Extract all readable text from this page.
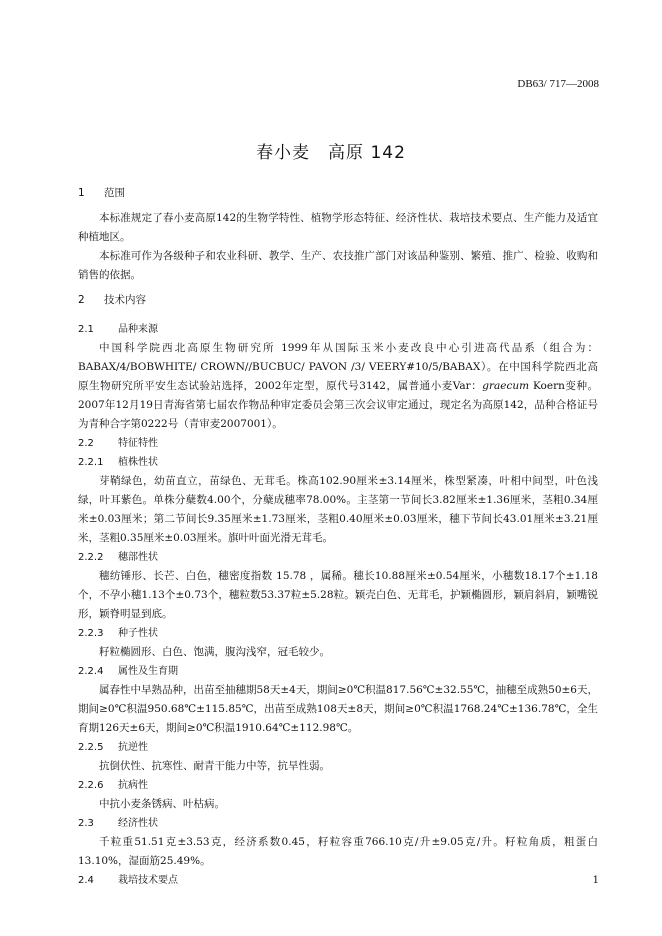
DB63/ 717—2008
春小麦　高原 142
1 范围

本标准规定了春小麦高原142的生物学特性、植物学形态特征、经济性状、栽培技术要点、生产能力及适宜种植地区。

本标准可作为各级种子和农业科研、教学、生产、农技推广部门对该品种鉴别、繁殖、推广、检验、收购和销售的依据。

2 技术内容
2.1 品种来源

中国科学院西北高原生物研究所 1999年从国际玉米小麦改良中心引进高代品系（组合为：BABAX/4/BOBWHITE/ CROWN//BUCBUC/ PAVON /3/ VEERY#10/5/BABAX）。在中国科学院西北高原生物研究所平安生态试验站选择，2002年定型，原代号3142，属普通小麦Var：graecum Koern变种。2007年12月19日青海省第七届农作物品种审定委员会第三次会议审定通过，现定名为高原142，品种合格证号为青种合字第0222号（青审麦2007001）。

2.2 特征特性
2.2.1 植株性状

芽鞘绿色，幼苗直立，苗绿色、无茸毛。株高102.90厘米±3.14厘米，株型紧凑，叶相中间型，叶色浅绿，叶耳紫色。单株分蘖数4.00个，分蘖成穗率78.00%。主茎第一节间长3.82厘米±1.36厘米，茎粗0.34厘米±0.03厘米；第二节间长9.35厘米±1.73厘米，茎粗0.40厘米±0.03厘米，穗下节间长43.01厘米±3.21厘米，茎粗0.35厘米±0.03厘米。旗叶叶面光滑无茸毛。

2.2.2 穗部性状

穗纺锤形、长芒、白色，穗密度指数 15.78 ，属稀。穗长10.88厘米±0.54厘米，小穗数18.17个±1.18个，不孕小穗1.13个±0.73个，穗粒数53.37粒±5.28粒。颖壳白色、无茸毛，护颖椭圆形，颖肩斜肩，颖嘴锐形，颖脊明显到底。

2.2.3 种子性状

籽粒椭圆形、白色、饱满，腹沟浅窄，冠毛较少。

2.2.4 属性及生育期

属春性中早熟品种，出苗至抽穗期58天±4天，期间≥0℃积温817.56℃±32.55℃，抽穗至成熟50±6天，期间≥0℃积温950.68℃±115.85℃，出苗至成熟108天±8天，期间≥0℃积温1768.24℃±136.78℃，全生育期126天±6天，期间≥0℃积温1910.64℃±112.98℃。

2.2.5 抗逆性

抗倒伏性、抗寒性、耐青干能力中等，抗旱性弱。

2.2.6 抗病性

中抗小麦条锈病、叶枯病。

2.3 经济性状

千粒重51.51克±3.53克，经济系数0.45，籽粒容重766.10克/升±9.05克/升。籽粒角质，粗蛋白13.10%，湿面筋25.49%。

2.4 栽培技术要点	1
